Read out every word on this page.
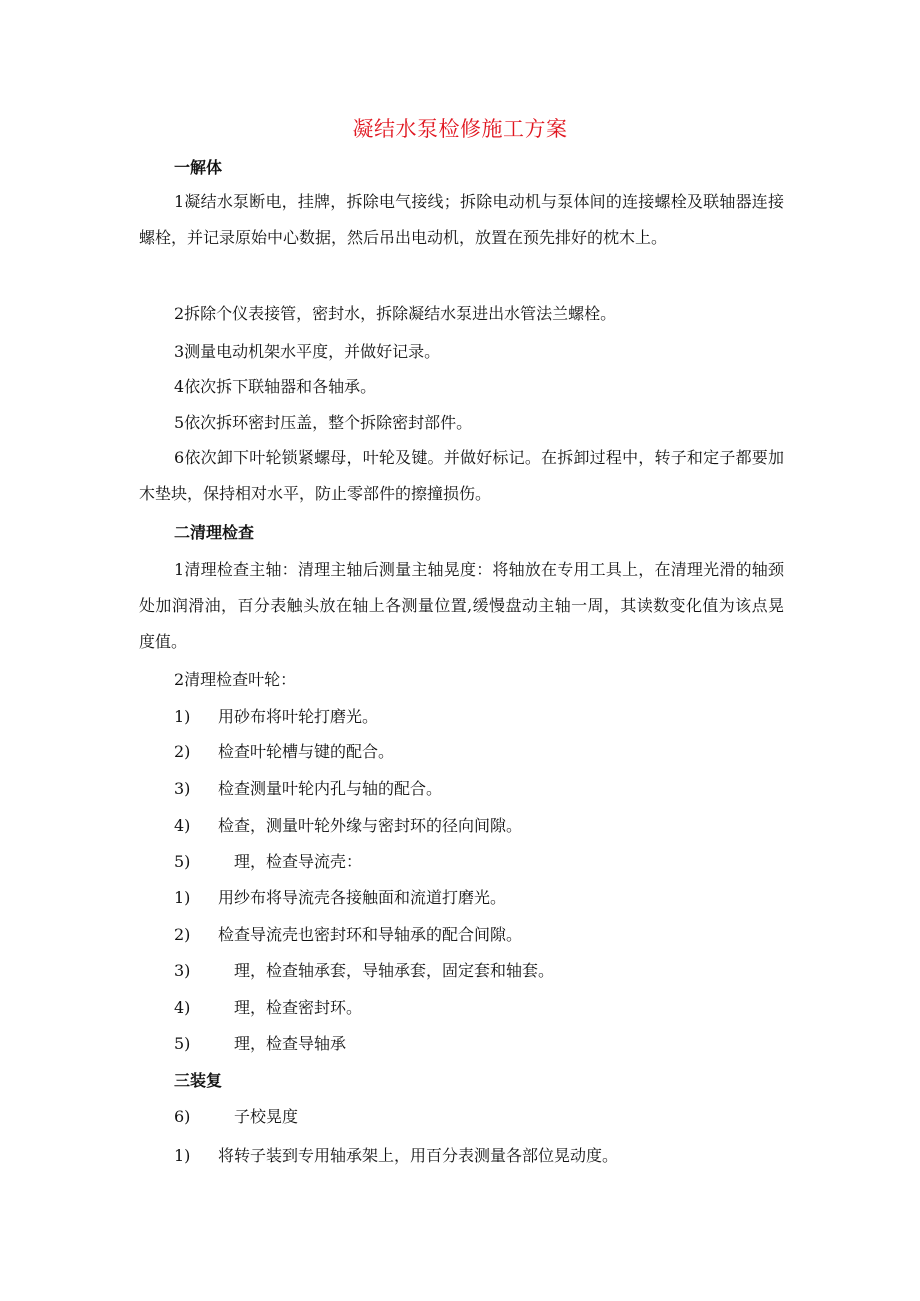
凝结水泵检修施工方案
一解体
1凝结水泵断电，挂牌，拆除电气接线；拆除电动机与泵体间的连接螺栓及联轴器连接螺栓，并记录原始中心数据，然后吊出电动机，放置在预先排好的枕木上。
2拆除个仪表接管，密封水，拆除凝结水泵进出水管法兰螺栓。
3测量电动机架水平度，并做好记录。
4依次拆下联轴器和各轴承。
5依次拆环密封压盖，整个拆除密封部件。
6依次卸下叶轮锁紧螺母，叶轮及键。并做好标记。在拆卸过程中，转子和定子都要加木垫块，保持相对水平，防止零部件的擦撞损伤。
二清理检查
1清理检查主轴：清理主轴后测量主轴晃度：将轴放在专用工具上，在清理光滑的轴颈处加润滑油，百分表触头放在轴上各测量位置,缓慢盘动主轴一周，其读数变化值为该点晃度值。
2清理检查叶轮：
1) 用砂布将叶轮打磨光。
2) 检查叶轮槽与键的配合。
3) 检查测量叶轮内孔与轴的配合。
4) 检查，测量叶轮外缘与密封环的径向间隙。
5)	理，检查导流壳：
1) 用纱布将导流壳各接触面和流道打磨光。
2) 检查导流壳也密封环和导轴承的配合间隙。
3)	理，检查轴承套，导轴承套，固定套和轴套。
4)	理，检查密封环。
5)	理，检查导轴承
三装复
6)	子校晃度
1) 将转子装到专用轴承架上，用百分表测量各部位晃动度。
